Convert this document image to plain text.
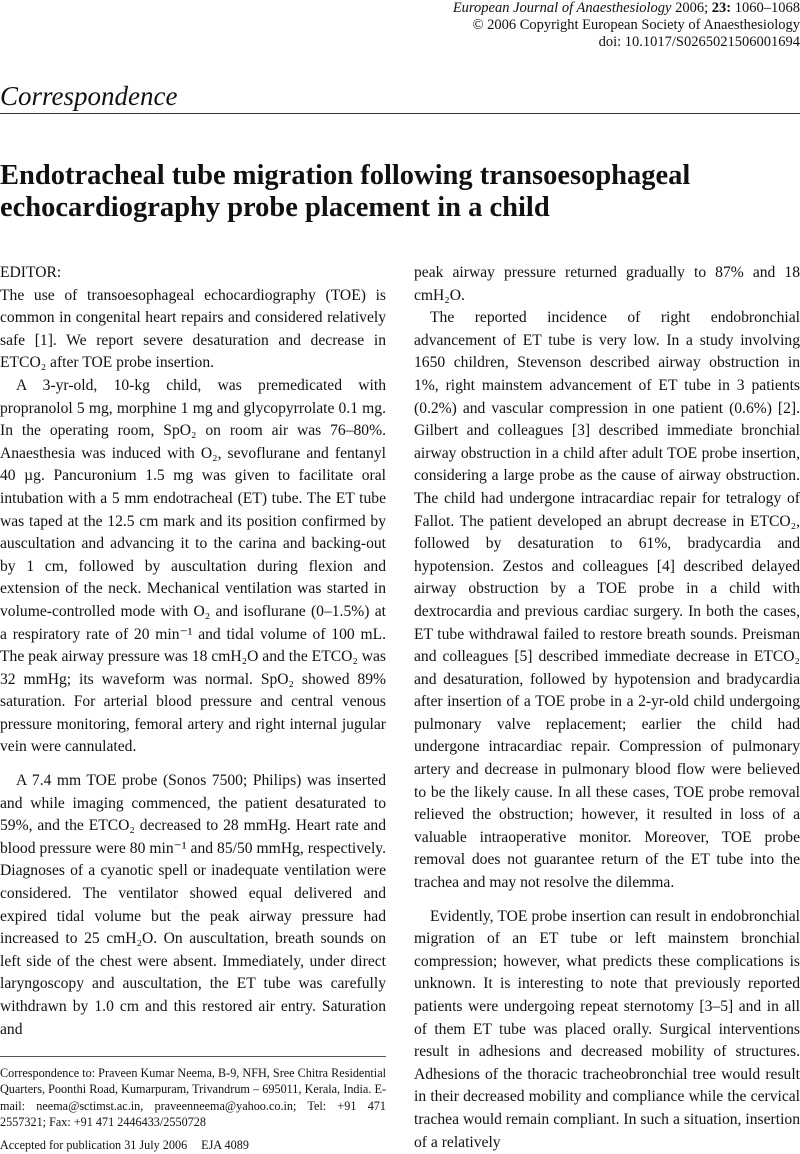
European Journal of Anaesthesiology 2006; 23: 1060–1068
© 2006 Copyright European Society of Anaesthesiology
doi: 10.1017/S0265021506001694
Correspondence
Endotracheal tube migration following transoesophageal
echocardiography probe placement in a child

EDITOR:

The use of transoesophageal echocardiography (TOE) is common in congenital heart repairs and considered relatively safe [1]. We report severe desaturation and decrease in ETCO₂ after TOE probe insertion.

A 3-yr-old, 10-kg child, was premedicated with propranolol 5 mg, morphine 1 mg and glycopyrrolate 0.1 mg. In the operating room, SpO₂ on room air was 76–80%. Anaesthesia was induced with O₂, sevoflurane and fentanyl 40 µg. Pancuronium 1.5 mg was given to facilitate oral intubation with a 5 mm endotracheal (ET) tube. The ET tube was taped at the 12.5 cm mark and its position confirmed by auscultation and advancing it to the carina and backing-out by 1 cm, followed by auscultation during flexion and extension of the neck. Mechanical ventilation was started in volume-controlled mode with O₂ and isoflurane (0–1.5%) at a respiratory rate of 20 min⁻¹ and tidal volume of 100 mL. The peak airway pressure was 18 cmH₂O and the ETCO₂ was 32 mmHg; its waveform was normal. SpO₂ showed 89% saturation. For arterial blood pressure and central venous pressure monitoring, femoral artery and right internal jugular vein were cannulated.

A 7.4 mm TOE probe (Sonos 7500; Philips) was inserted and while imaging commenced, the patient desaturated to 59%, and the ETCO₂ decreased to 28 mmHg. Heart rate and blood pressure were 80 min⁻¹ and 85/50 mmHg, respectively. Diagnoses of a cyanotic spell or inadequate ventilation were considered. The ventilator showed equal delivered and expired tidal volume but the peak airway pressure had increased to 25 cmH₂O. On auscultation, breath sounds on left side of the chest were absent. Immediately, under direct laryngoscopy and auscultation, the ET tube was carefully withdrawn by 1.0 cm and this restored air entry. Saturation and

Correspondence to: Praveen Kumar Neema, B-9, NFH, Sree Chitra Residential Quarters, Poonthi Road, Kumarpuram, Trivandrum – 695011, Kerala, India. E-mail: neema@sctimst.ac.in, praveenneema@yahoo.co.in; Tel: +91 471 2557321; Fax: +91 471 2446433/2550728
Accepted for publication 31 July 2006 EJA 4089

peak airway pressure returned gradually to 87% and 18 cmH₂O.

The reported incidence of right endobronchial advancement of ET tube is very low. In a study involving 1650 children, Stevenson described airway obstruction in 1%, right mainstem advancement of ET tube in 3 patients (0.2%) and vascular compression in one patient (0.6%) [2]. Gilbert and colleagues [3] described immediate bronchial airway obstruction in a child after adult TOE probe insertion, considering a large probe as the cause of airway obstruction. The child had undergone intracardiac repair for tetralogy of Fallot. The patient developed an abrupt decrease in ETCO₂, followed by desaturation to 61%, bradycardia and hypotension. Zestos and colleagues [4] described delayed airway obstruction by a TOE probe in a child with dextrocardia and previous cardiac surgery. In both the cases, ET tube withdrawal failed to restore breath sounds. Preisman and colleagues [5] described immediate decrease in ETCO₂ and desaturation, followed by hypotension and bradycardia after insertion of a TOE probe in a 2-yr-old child undergoing pulmonary valve replacement; earlier the child had undergone intracardiac repair. Compression of pulmonary artery and decrease in pulmonary blood flow were believed to be the likely cause. In all these cases, TOE probe removal relieved the obstruction; however, it resulted in loss of a valuable intraoperative monitor. Moreover, TOE probe removal does not guarantee return of the ET tube into the trachea and may not resolve the dilemma.

Evidently, TOE probe insertion can result in endobronchial migration of an ET tube or left mainstem bronchial compression; however, what predicts these complications is unknown. It is interesting to note that previously reported patients were undergoing repeat sternotomy [3–5] and in all of them ET tube was placed orally. Surgical interventions result in adhesions and decreased mobility of structures. Adhesions of the thoracic tracheobronchial tree would result in their decreased mobility and compliance while the cervical trachea would remain compliant. In such a situation, insertion of a relatively
